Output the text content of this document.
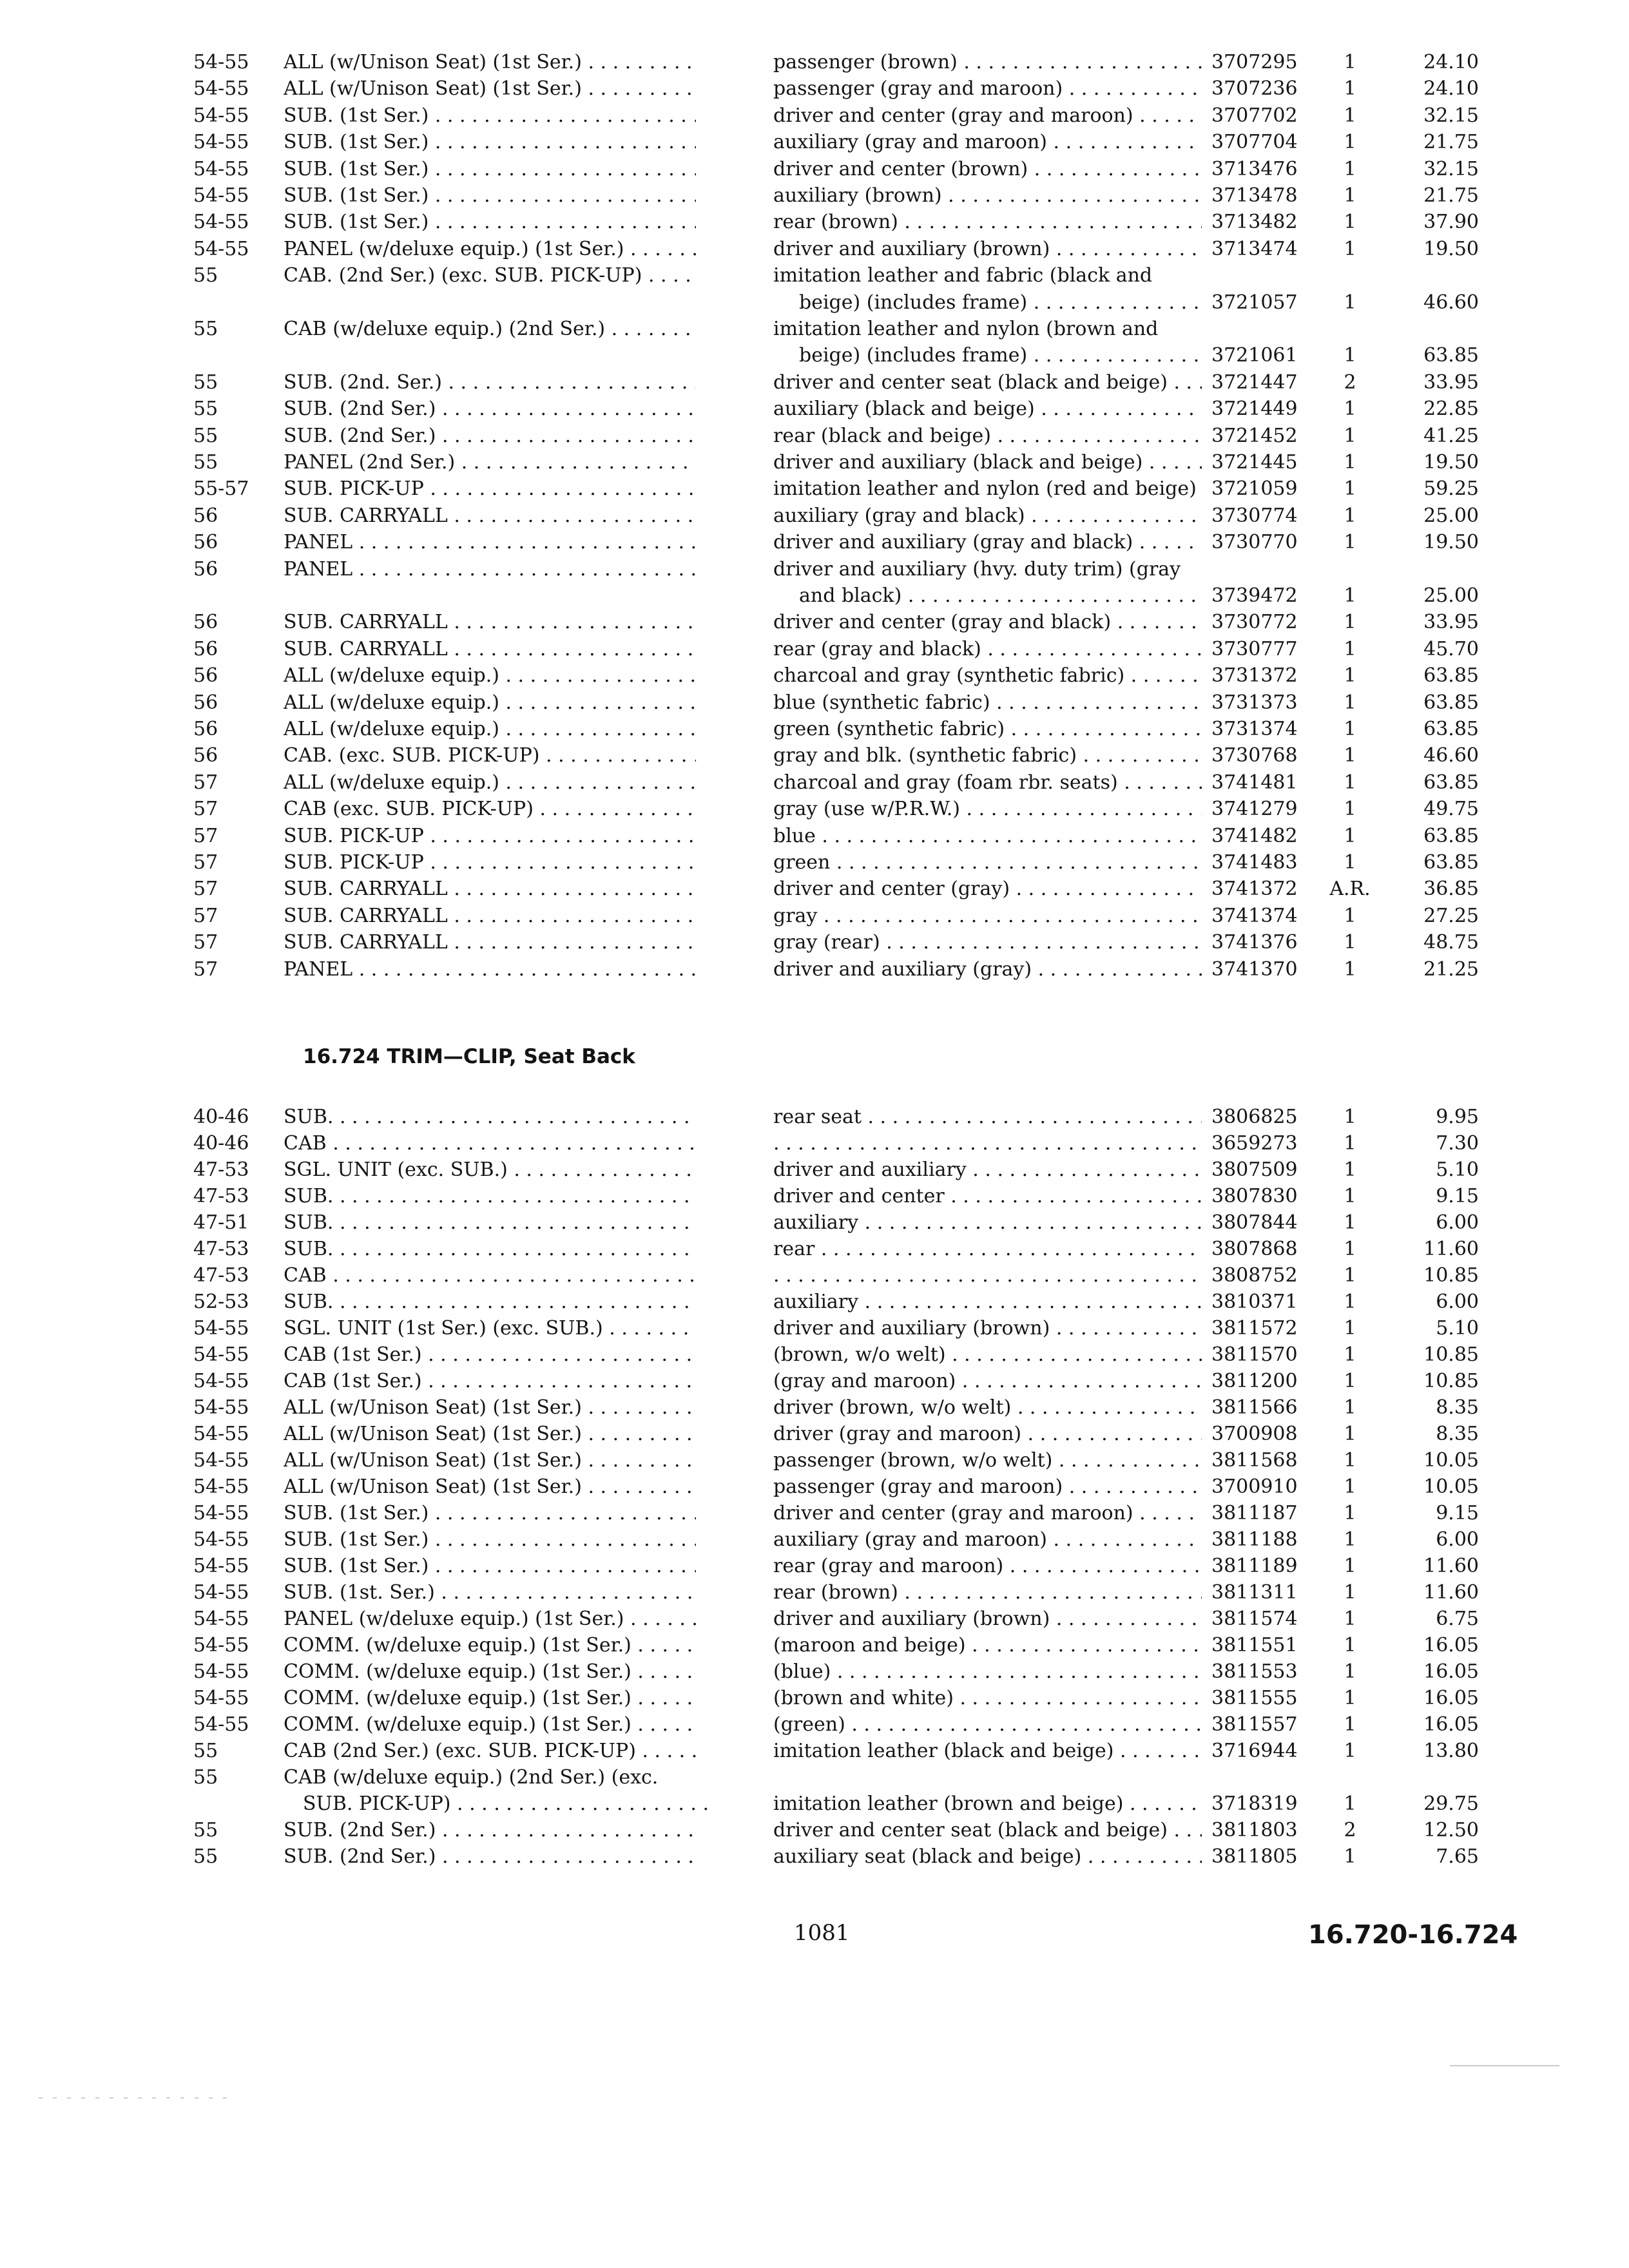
54-55	ALL (w/Unison Seat) (1st Ser.) . . .	passenger (brown) . . .	3707295	1	24.10
54-55	ALL (w/Unison Seat) (1st Ser.) . . .	passenger (gray and maroon) . . .	3707236	1	24.10
54-55	SUB. (1st Ser.) . . .	driver and center (gray and maroon) . . .	3707702	1	32.15
54-55	SUB. (1st Ser.) . . .	auxiliary (gray and maroon) . . .	3707704	1	21.75
54-55	SUB. (1st Ser.) . . .	driver and center (brown) . . .	3713476	1	32.15
54-55	SUB. (1st Ser.) . . .	auxiliary (brown) . . .	3713478	1	21.75
54-55	SUB. (1st Ser.) . . .	rear (brown) . . .	3713482	1	37.90
54-55	PANEL (w/deluxe equip.) (1st Ser.) . . .	driver and auxiliary (brown) . . .	3713474	1	19.50
55	CAB. (2nd Ser.) (exc. SUB. PICK-UP) . . .	imitation leather and fabric (black and
beige) (includes frame) . . .	3721057	1	46.60
55	CAB (w/deluxe equip.) (2nd Ser.) . . .	imitation leather and nylon (brown and
beige) (includes frame) . . .	3721061	1	63.85
55	SUB. (2nd. Ser.) . . .	driver and center seat (black and beige) . . .	3721447	2	33.95
55	SUB. (2nd Ser.) . . .	auxiliary (black and beige) . . .	3721449	1	22.85
55	SUB. (2nd Ser.) . . .	rear (black and beige) . . .	3721452	1	41.25
55	PANEL (2nd Ser.) . . .	driver and auxiliary (black and beige) . . .	3721445	1	19.50
55-57	SUB. PICK-UP . . .	imitation leather and nylon (red and beige) . . . 3721059	1	59.25
56	SUB. CARRYALL . . .	auxiliary (gray and black) . . .	3730774	1	25.00
56	PANEL . . .	driver and auxiliary (gray and black) . . .	3730770	1	19.50
56	PANEL . . .	driver and auxiliary (hvy. duty trim) (gray
and black) . . .	3739472	1	25.00
56	SUB. CARRYALL . . .	driver and center (gray and black) . . .	3730772	1	33.95
56	SUB. CARRYALL . . .	rear (gray and black) . . .	3730777	1	45.70
56	ALL (w/deluxe equip.) . . .	charcoal and gray (synthetic fabric) . . .	3731372	1	63.85
56	ALL (w/deluxe equip.) . . .	blue (synthetic fabric) . . .	3731373	1	63.85
56	ALL (w/deluxe equip.) . . .	green (synthetic fabric) . . .	3731374	1	63.85
56	CAB. (exc. SUB. PICK-UP) . . .	gray and blk. (synthetic fabric) . . .	3730768	1	46.60
57	ALL (w/deluxe equip.) . . .	charcoal and gray (foam rbr. seats) . . .	3741481	1	63.85
57	CAB (exc. SUB. PICK-UP) . . .	gray (use w/P.R.W.) . . .	3741279	1	49.75
57	SUB. PICK-UP . . .	blue . . .	3741482	1	63.85
57	SUB. PICK-UP . . .	green . . .	3741483	1	63.85
57	SUB. CARRYALL . . .	driver and center (gray) . . .	3741372	A.R.	36.85
57	SUB. CARRYALL . . .	gray . . .	3741374	1	27.25
57	SUB. CARRYALL . . .	gray (rear) . . .	3741376	1	48.75
57	PANEL . . .	driver and auxiliary (gray) . . .	3741370	1	21.25
16.724 TRIM—CLIP, Seat Back
40-46	SUB. . . .	rear seat . . .	3806825	1	9.95
40-46	CAB . . . . . .	3659273	1	7.30
47-53	SGL. UNIT (exc. SUB.) . . .	driver and auxiliary . . .	3807509	1	5.10
47-53	SUB. . . .	driver and center . . .	3807830	1	9.15
47-51	SUB. . . .	auxiliary . . .	3807844	1	6.00
47-53	SUB. . . .	rear . . .	3807868	1	11.60
47-53	CAB . . . . . .	3808752	1	10.85
52-53	SUB. . . .	auxiliary . . .	3810371	1	6.00
54-55	SGL. UNIT (1st Ser.) (exc. SUB.) . . .	driver and auxiliary (brown) . . .	3811572	1	5.10
54-55	CAB (1st Ser.) . . .	(brown, w/o welt) . . .	3811570	1	10.85
54-55	CAB (1st Ser.) . . .	(gray and maroon) . . .	3811200	1	10.85
54-55	ALL (w/Unison Seat) (1st Ser.) . . .	driver (brown, w/o welt) . . .	3811566	1	8.35
54-55	ALL (w/Unison Seat) (1st Ser.) . . .	driver (gray and maroon) . . .	3700908	1	8.35
54-55	ALL (w/Unison Seat) (1st Ser.) . . .	passenger (brown, w/o welt) . . .	3811568	1	10.05
54-55	ALL (w/Unison Seat) (1st Ser.) . . .	passenger (gray and maroon) . . .	3700910	1	10.05
54-55	SUB. (1st Ser.) . . .	driver and center (gray and maroon) . . .	3811187	1	9.15
54-55	SUB. (1st Ser.) . . .	auxiliary (gray and maroon) . . .	3811188	1	6.00
54-55	SUB. (1st Ser.) . . .	rear (gray and maroon) . . .	3811189	1	11.60
54-55	SUB. (1st. Ser.) . . .	rear (brown) . . .	3811311	1	11.60
54-55	PANEL (w/deluxe equip.) (1st Ser.) . . .	driver and auxiliary (brown) . . .	3811574	1	6.75
54-55	COMM. (w/deluxe equip.) (1st Ser.) . . .	(maroon and beige) . . .	3811551	1	16.05
54-55	COMM. (w/deluxe equip.) (1st Ser.) . . .	(blue) . . .	3811553	1	16.05
54-55	COMM. (w/deluxe equip.) (1st Ser.) . . .	(brown and white) . . .	3811555	1	16.05
54-55	COMM. (w/deluxe equip.) (1st Ser.) . . .	(green) . . .	3811557	1	16.05
55	CAB (2nd Ser.) (exc. SUB. PICK-UP) . . .	imitation leather (black and beige) . . .	3716944	1	13.80
55	CAB (w/deluxe equip.) (2nd Ser.) (exc.
SUB. PICK-UP) . . .	imitation leather (brown and beige) . . .	3718319	1	29.75
55	SUB. (2nd Ser.) . . .	driver and center seat (black and beige) . . .	3811803	2	12.50
55	SUB. (2nd Ser.) . . .	auxiliary seat (black and beige) . . .	3811805	1	7.65
1081	16.720-16.724
